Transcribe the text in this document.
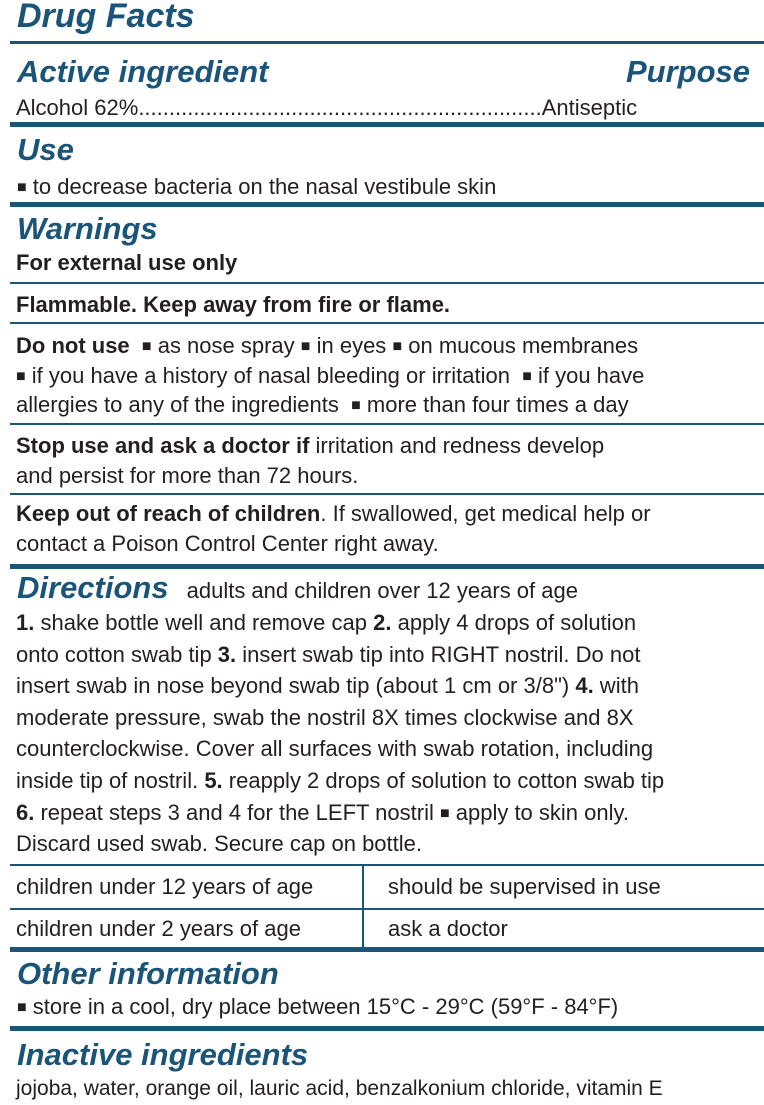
Drug Facts
Active ingredient	Purpose
Alcohol 62%..................................................................Antiseptic
Use
■ to decrease bacteria on the nasal vestibule skin
Warnings
For external use only
Flammable. Keep away from fire or flame.
Do not use ■ as nose spray ■ in eyes ■ on mucous membranes
■ if you have a history of nasal bleeding or irritation ■ if you have
allergies to any of the ingredients ■ more than four times a day
Stop use and ask a doctor if irritation and redness develop
and persist for more than 72 hours.
Keep out of reach of children. If swallowed, get medical help or
contact a Poison Control Center right away.
Directions adults and children over 12 years of age
1. shake bottle well and remove cap 2. apply 4 drops of solution
onto cotton swab tip 3. insert swab tip into RIGHT nostril. Do not
insert swab in nose beyond swab tip (about 1 cm or 3/8") 4. with
moderate pressure, swab the nostril 8X times clockwise and 8X
counterclockwise. Cover all surfaces with swab rotation, including
inside tip of nostril. 5. reapply 2 drops of solution to cotton swab tip
6. repeat steps 3 and 4 for the LEFT nostril ■ apply to skin only.
Discard used swab. Secure cap on bottle.
children under 12 years of age	should be supervised in use
children under 2 years of age	ask a doctor
Other information
■ store in a cool, dry place between 15°C - 29°C (59°F - 84°F)
Inactive ingredients
jojoba, water, orange oil, lauric acid, benzalkonium chloride, vitamin E
